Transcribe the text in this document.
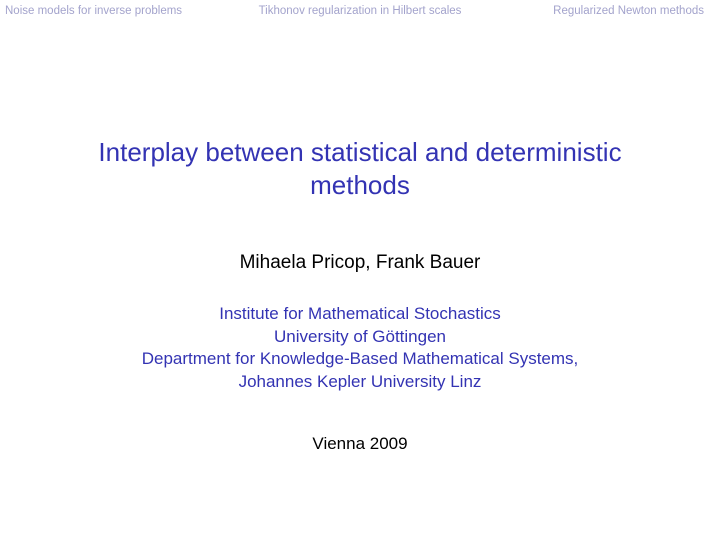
Noise models for inverse problems	Tikhonov regularization in Hilbert scales	Regularized Newton methods
Interplay between statistical and deterministic
methods
Mihaela Pricop, Frank Bauer
Institute for Mathematical Stochastics
University of Göttingen
Department for Knowledge-Based Mathematical Systems,
Johannes Kepler University Linz
Vienna 2009
